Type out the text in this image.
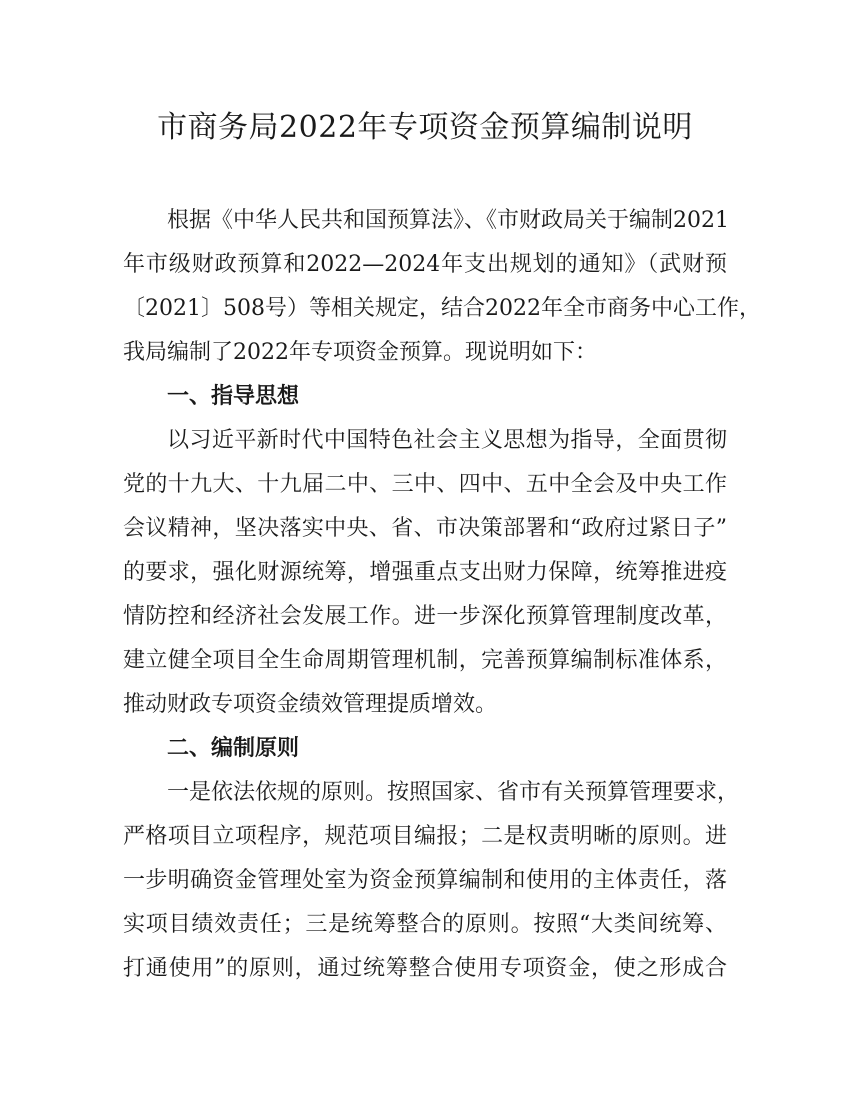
市商务局2022年专项资金预算编制说明

根据《中华人民共和国预算法》、《市财政局关于编制2021

年市级财政预算和2022—2024年支出规划的通知》（武财预

〔2021〕508号）等相关规定，结合2022年全市商务中心工作，

我局编制了2022年专项资金预算。现说明如下：

一、指导思想

以习近平新时代中国特色社会主义思想为指导，全面贯彻

党的十九大、十九届二中、三中、四中、五中全会及中央工作

会议精神，坚决落实中央、省、市决策部署和“政府过紧日子”

的要求，强化财源统筹，增强重点支出财力保障，统筹推进疫

情防控和经济社会发展工作。进一步深化预算管理制度改革，

建立健全项目全生命周期管理机制，完善预算编制标准体系，

推动财政专项资金绩效管理提质增效。

二、编制原则

一是依法依规的原则。按照国家、省市有关预算管理要求，

严格项目立项程序，规范项目编报；二是权责明晰的原则。进

一步明确资金管理处室为资金预算编制和使用的主体责任，落

实项目绩效责任；三是统筹整合的原则。按照“大类间统筹、

打通使用”的原则，通过统筹整合使用专项资金，使之形成合
